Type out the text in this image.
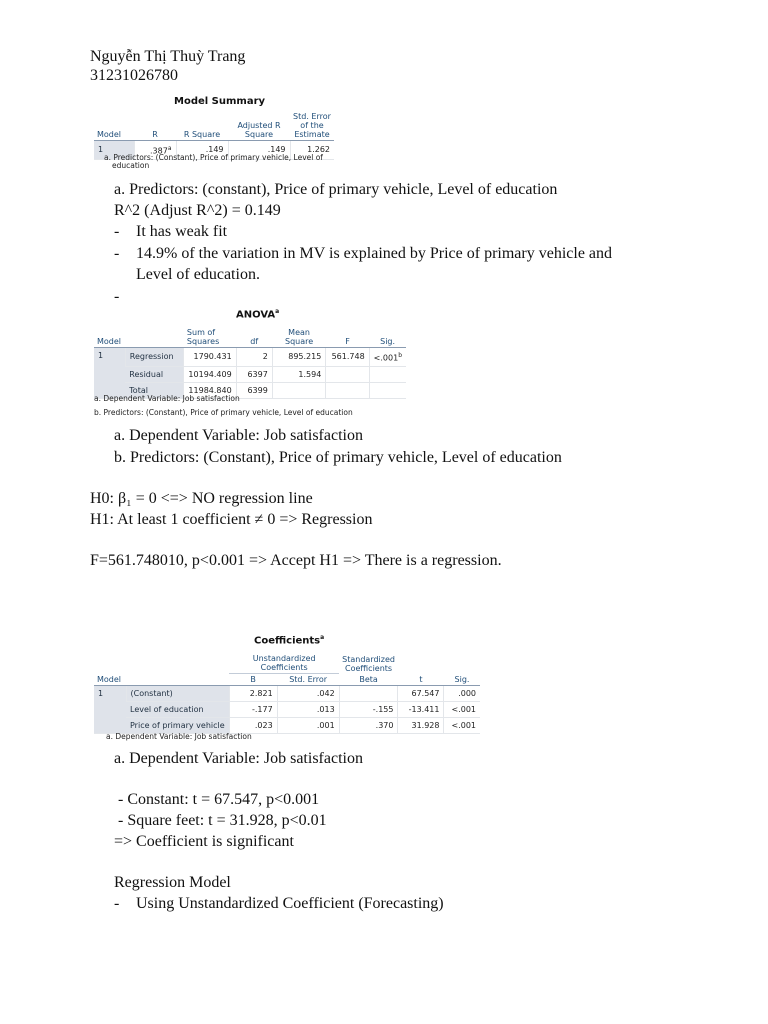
Nguyễn Thị Thuỳ Trang
31231026780
Model Summary
Model	R	R Square	Adjusted R Square	Std. Error of the Estimate
1	.387$^a$	.149	.149	1.262
a. Predictors: (Constant), Price of primary vehicle, Level of
education
a. Predictors: (constant), Price of primary vehicle, Level of education
R^2 (Adjust R^2) = 0.149
- It has weak fit
- 14.9% of the variation in MV is explained by Price of primary vehicle and
Level of education.
-
ANOVA$^a$
Model		Sum of Squares	df	Mean Square	F	Sig.
1	Regression	1790.431	2	895.215	561.748	<.001$^b$
	Residual	10194.409	6397	1.594		
	Total	11984.840	6399			
a. Dependent Variable: Job satisfaction
b. Predictors: (Constant), Price of primary vehicle, Level of education
a. Dependent Variable: Job satisfaction
b. Predictors: (Constant), Price of primary vehicle, Level of education
H0: β₁ = 0 <=> NO regression line
H1: At least 1 coefficient ≠ 0 => Regression
F=561.748010, p<0.001 => Accept H1 => There is a regression.
Coefficients$^a$
		Unstandardized Coefficients		Standardized Coefficients		
Model		B	Std. Error	Beta	t	Sig.
1	(Constant)	2.821	.042		67.547	.000
	Level of education	-.177	.013	-.155	-13.411	<.001
	Price of primary vehicle	.023	.001	.370	31.928	<.001
a. Dependent Variable: Job satisfaction
a. Dependent Variable: Job satisfaction
- Constant: t = 67.547, p<0.001
- Square feet: t = 31.928, p<0.01
=> Coefficient is significant
Regression Model
- Using Unstandardized Coefficient (Forecasting)
